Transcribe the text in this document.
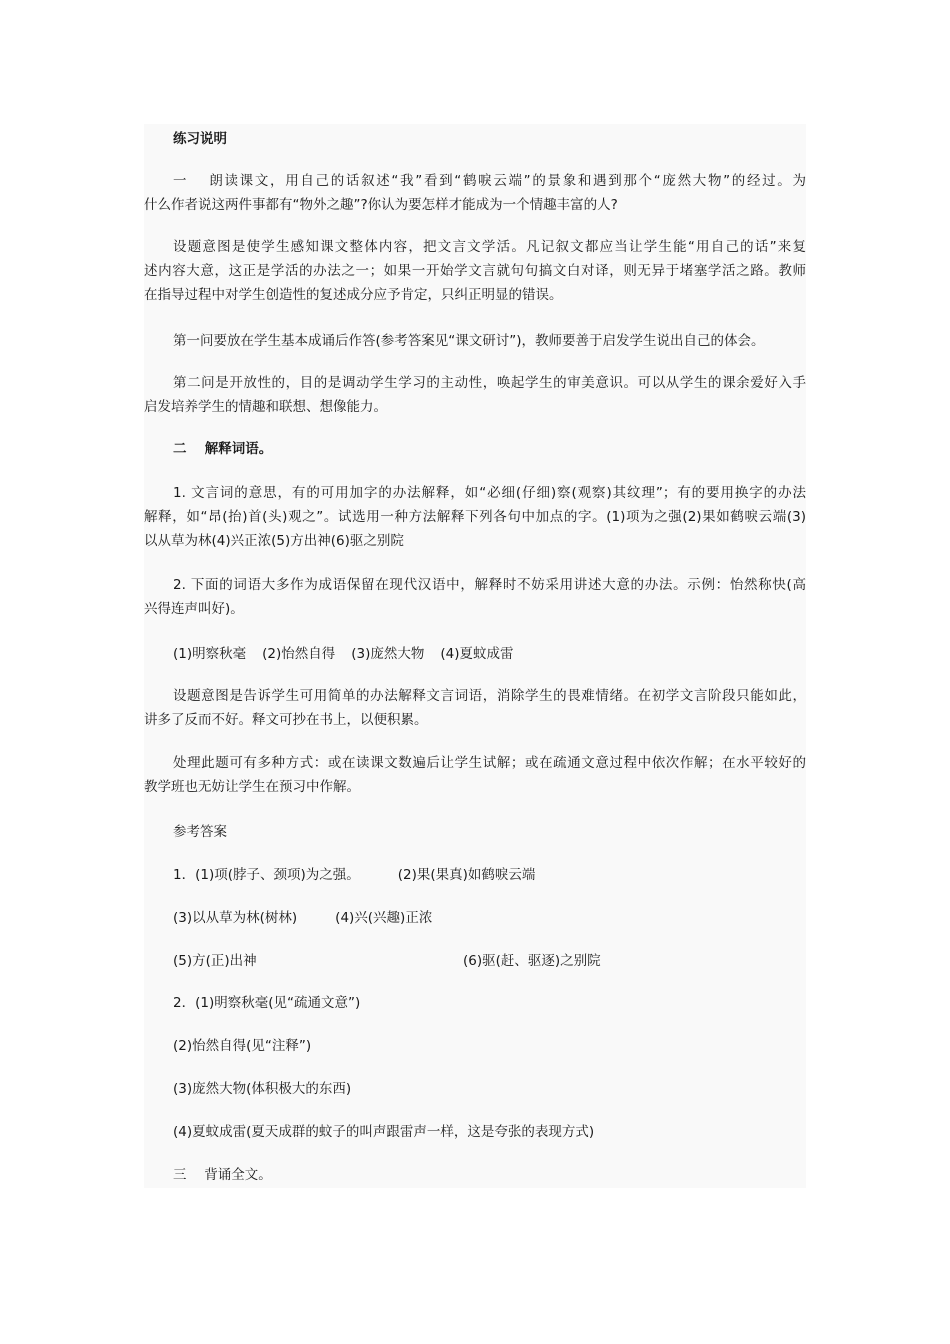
练习说明

一　 朗读课文，用自己的话叙述“我”看到“鹤唳云端”的景象和遇到那个“庞然大物”的经过。为
什么作者说这两件事都有“物外之趣”?你认为要怎样才能成为一个情趣丰富的人?
设题意图是使学生感知课文整体内容，把文言文学活。凡记叙文都应当让学生能“用自己的话”来复
述内容大意，这正是学活的办法之一；如果一开始学文言就句句搞文白对译，则无异于堵塞学活之路。教师
在指导过程中对学生创造性的复述成分应予肯定，只纠正明显的错误。

第一问要放在学生基本成诵后作答(参考答案见“课文研讨”)，教师要善于启发学生说出自己的体会。

第二问是开放性的，目的是调动学生学习的主动性，唤起学生的审美意识。可以从学生的课余爱好入手
启发培养学生的情趣和联想、想像能力。

二　 解释词语。

1. 文言词的意思，有的可用加字的办法解释，如“必细(仔细)察(观察)其纹理”；有的要用换字的办法
解释，如“昂(抬)首(头)观之”。试选用一种方法解释下列各句中加点的字。(1)项为之强(2)果如鹤唳云端(3)
以从草为林(4)兴正浓(5)方出神(6)驱之别院
2. 下面的词语大多作为成语保留在现代汉语中，解释时不妨采用讲述大意的办法。示例：怡然称快(高
兴得连声叫好)。

(1)明察秋毫 (2)怡然自得 (3)庞然大物 (4)夏蚊成雷

设题意图是告诉学生可用简单的办法解释文言词语，消除学生的畏难情绪。在初学文言阶段只能如此，
讲多了反而不好。释文可抄在书上，以便积累。
处理此题可有多种方式：或在读课文数遍后让学生试解；或在疏通文意过程中依次作解；在水平较好的
教学班也无妨让学生在预习中作解。

参考答案

1．(1)项(脖子、颈项)为之强。	(2)果(果真)如鹤唳云端

(3)以从草为林(树林)	(4)兴(兴趣)正浓

(5)方(正)出神	(6)驱(赶、驱逐)之别院

2．(1)明察秋毫(见“疏通文意”)

(2)怡然自得(见“注释”)

(3)庞然大物(体积极大的东西)

(4)夏蚊成雷(夏天成群的蚊子的叫声跟雷声一样，这是夸张的表现方式)

三　 背诵全文。
